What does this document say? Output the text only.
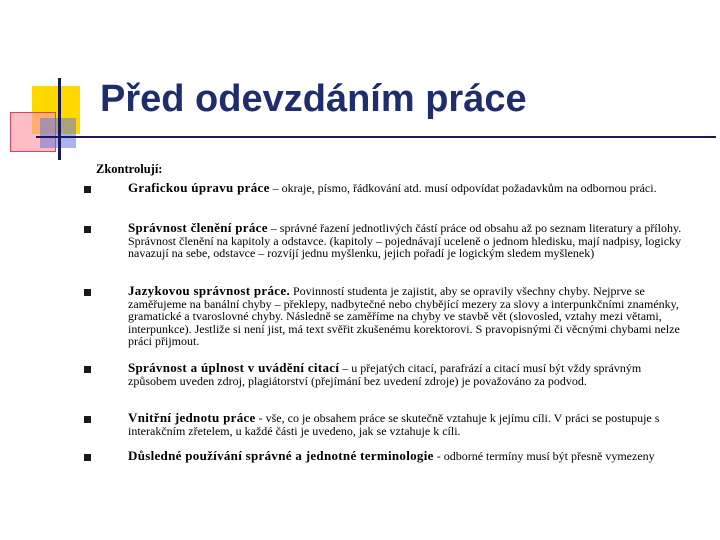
Před odevzdáním práce
Zkontrolují:
Grafickou úpravu práce – okraje, písmo, řádkování atd. musí odpovídat požadavkům na odbornou práci.
Správnost členění práce – správné řazení jednotlivých částí práce od obsahu až po seznam literatury a přílohy. Správnost členění na kapitoly a odstavce. (kapitoly – pojednávají uceleně o jednom hledisku, mají nadpisy, logicky navazují na sebe, odstavce – rozvíjí jednu myšlenku, jejich pořadí je logickým sledem myšlenek)
Jazykovou správnost práce. Povinností studenta je zajistit, aby se opravily všechny chyby. Nejprve se zaměřujeme na banální chyby – překlepy, nadbytečné nebo chybějící mezery za slovy a interpunkčními znaménky, gramatické a tvaroslovné chyby. Následně se zaměříme na chyby ve stavbě vět (slovosled, vztahy mezi větami, interpunkce). Jestliže si není jist, má text svěřit zkušenému korektorovi. S pravopisnými či věcnými chybami nelze práci přijmout.
Správnost a úplnost v uvádění citací – u přejatých citací, parafrází a citací musí být vždy správným způsobem uveden zdroj, plagiátorství (přejímání bez uvedení zdroje) je považováno za podvod.
Vnitřní jednotu práce - vše, co je obsahem práce se skutečně vztahuje k jejímu cíli. V práci se postupuje s interakčním zřetelem, u každé části je uvedeno, jak se vztahuje k cíli.
Důsledné používání správné a jednotné terminologie - odborné termíny musí být přesně vymezeny
